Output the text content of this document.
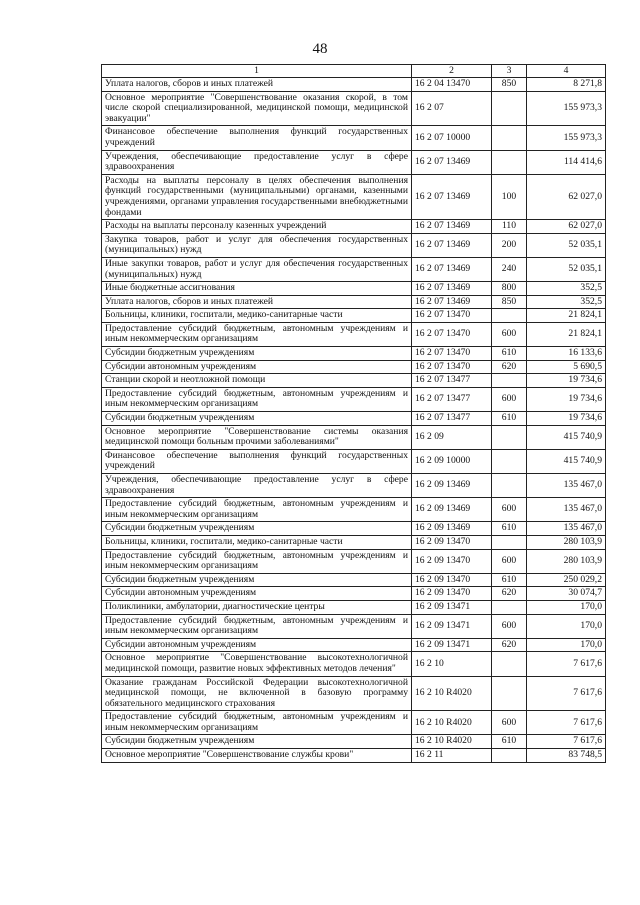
48
1	2	3	4
Уплата налогов, сборов и иных платежей	16 2 04 13470	850	8 271,8
Основное мероприятие "Совершенствование оказания скорой, в том числе скорой специализированной, медицинской помощи, медицинской эвакуации"	16 2 07		155 973,3
Финансовое обеспечение выполнения функций государственных учреждений	16 2 07 10000		155 973,3
Учреждения, обеспечивающие предоставление услуг в сфере здравоохранения	16 2 07 13469		114 414,6
Расходы на выплаты персоналу в целях обеспечения выполнения функций государственными (муниципальными) органами, казенными учреждениями, органами управления государственными внебюджетными фондами	16 2 07 13469	100	62 027,0
Расходы на выплаты персоналу казенных учреждений	16 2 07 13469	110	62 027,0
Закупка товаров, работ и услуг для обеспечения государственных (муниципальных) нужд	16 2 07 13469	200	52 035,1
Иные закупки товаров, работ и услуг для обеспечения государственных (муниципальных) нужд	16 2 07 13469	240	52 035,1
Иные бюджетные ассигнования	16 2 07 13469	800	352,5
Уплата налогов, сборов и иных платежей	16 2 07 13469	850	352,5
Больницы, клиники, госпитали, медико-санитарные части	16 2 07 13470		21 824,1
Предоставление субсидий бюджетным, автономным учреждениям и иным некоммерческим организациям	16 2 07 13470	600	21 824,1
Субсидии бюджетным учреждениям	16 2 07 13470	610	16 133,6
Субсидии автономным учреждениям	16 2 07 13470	620	5 690,5
Станции скорой и неотложной помощи	16 2 07 13477		19 734,6
Предоставление субсидий бюджетным, автономным учреждениям и иным некоммерческим организациям	16 2 07 13477	600	19 734,6
Субсидии бюджетным учреждениям	16 2 07 13477	610	19 734,6
Основное мероприятие "Совершенствование системы оказания медицинской помощи больным прочими заболеваниями"	16 2 09		415 740,9
Финансовое обеспечение выполнения функций государственных учреждений	16 2 09 10000		415 740,9
Учреждения, обеспечивающие предоставление услуг в сфере здравоохранения	16 2 09 13469		135 467,0
Предоставление субсидий бюджетным, автономным учреждениям и иным некоммерческим организациям	16 2 09 13469	600	135 467,0
Субсидии бюджетным учреждениям	16 2 09 13469	610	135 467,0
Больницы, клиники, госпитали, медико-санитарные части	16 2 09 13470		280 103,9
Предоставление субсидий бюджетным, автономным учреждениям и иным некоммерческим организациям	16 2 09 13470	600	280 103,9
Субсидии бюджетным учреждениям	16 2 09 13470	610	250 029,2
Субсидии автономным учреждениям	16 2 09 13470	620	30 074,7
Поликлиники, амбулатории, диагностические центры	16 2 09 13471		170,0
Предоставление субсидий бюджетным, автономным учреждениям и иным некоммерческим организациям	16 2 09 13471	600	170,0
Субсидии автономным учреждениям	16 2 09 13471	620	170,0
Основное мероприятие "Совершенствование высокотехнологичной медицинской помощи, развитие новых эффективных методов лечения"	16 2 10		7 617,6
Оказание гражданам Российской Федерации высокотехнологичной медицинской помощи, не включенной в базовую программу обязательного медицинского страхования	16 2 10 R4020		7 617,6
Предоставление субсидий бюджетным, автономным учреждениям и иным некоммерческим организациям	16 2 10 R4020	600	7 617,6
Субсидии бюджетным учреждениям	16 2 10 R4020	610	7 617,6
Основное мероприятие "Совершенствование службы крови"	16 2 11		83 748,5
